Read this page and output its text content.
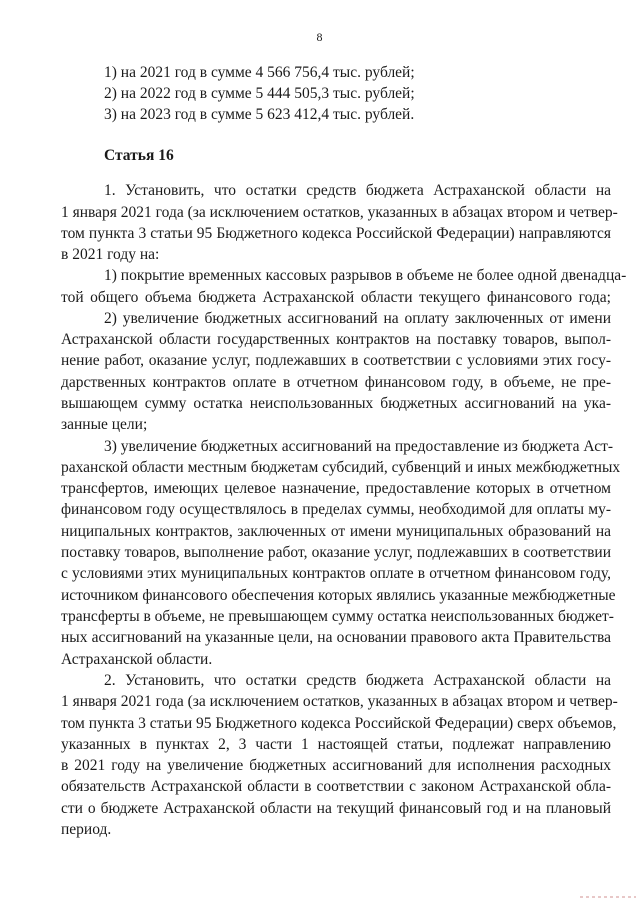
8

1) на 2021 год в сумме 4 566 756,4 тыс. рублей;

2) на 2022 год в сумме 5 444 505,3 тыс. рублей;

3) на 2023 год в сумме 5 623 412,4 тыс. рублей.

Статья 16

1. Установить, что остатки средств бюджета Астраханской области на

1 января 2021 года (за исключением остатков, указанных в абзацах втором и четвер-

том пункта 3 статьи 95 Бюджетного кодекса Российской Федерации) направляются

в 2021 году на:

1) покрытие временных кассовых разрывов в объеме не более одной двенадца-

той общего объема бюджета Астраханской области текущего финансового года;

2) увеличение бюджетных ассигнований на оплату заключенных от имени

Астраханской области государственных контрактов на поставку товаров, выпол-

нение работ, оказание услуг, подлежавших в соответствии с условиями этих госу-

дарственных контрактов оплате в отчетном финансовом году, в объеме, не пре-

вышающем сумму остатка неиспользованных бюджетных ассигнований на ука-

занные цели;

3) увеличение бюджетных ассигнований на предоставление из бюджета Аст-

раханской области местным бюджетам субсидий, субвенций и иных межбюджетных

трансфертов, имеющих целевое назначение, предоставление которых в отчетном

финансовом году осуществлялось в пределах суммы, необходимой для оплаты му-

ниципальных контрактов, заключенных от имени муниципальных образований на

поставку товаров, выполнение работ, оказание услуг, подлежавших в соответствии

с условиями этих муниципальных контрактов оплате в отчетном финансовом году,

источником финансового обеспечения которых являлись указанные межбюджетные

трансферты в объеме, не превышающем сумму остатка неиспользованных бюджет-

ных ассигнований на указанные цели, на основании правового акта Правительства

Астраханской области.

2. Установить, что остатки средств бюджета Астраханской области на

1 января 2021 года (за исключением остатков, указанных в абзацах втором и четвер-

том пункта 3 статьи 95 Бюджетного кодекса Российской Федерации) сверх объемов,

указанных в пунктах 2, 3 части 1 настоящей статьи, подлежат направлению

в 2021 году на увеличение бюджетных ассигнований для исполнения расходных

обязательств Астраханской области в соответствии с законом Астраханской обла-

сти о бюджете Астраханской области на текущий финансовый год и на плановый

период.
